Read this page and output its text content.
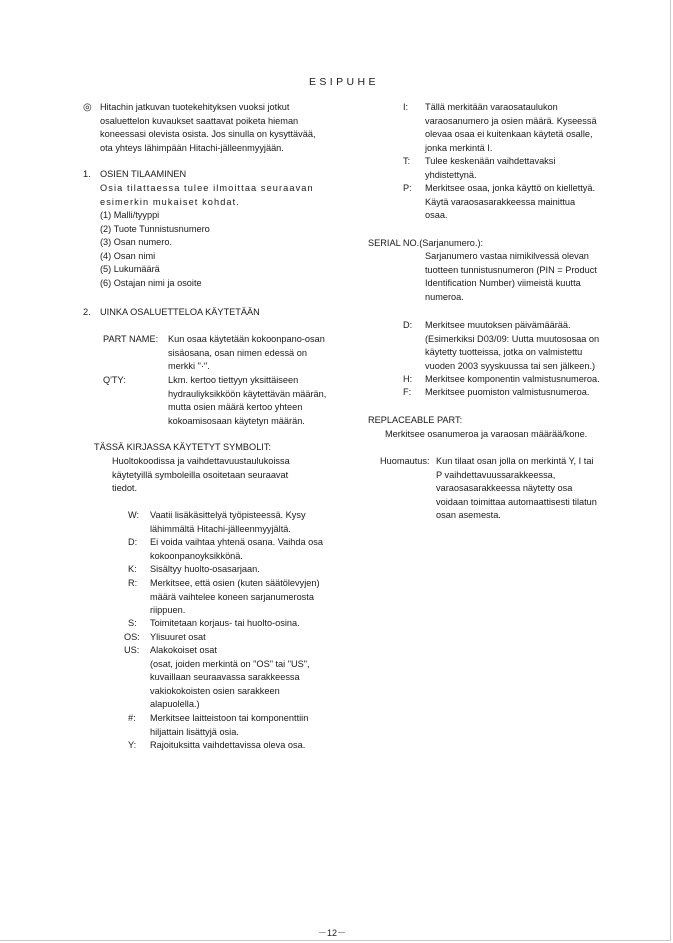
ESIPUHE
◎ Hitachin jatkuvan tuotekehityksen vuoksi jotkut
osaluettelon kuvaukset saattavat poiketa hieman
koneessasi olevista osista. Jos sinulla on kysyttävää,
ota yhteys lähimpään Hitachi-jälleenmyyjään.
1. OSIEN TILAAMINEN
Osia tilattaessa tulee ilmoittaa seuraavan
esimerkin mukaiset kohdat.
(1) Malli/tyyppi
(2) Tuote Tunnistusnumero
(3) Osan numero.
(4) Osan nimi
(5) Lukumäärä
(6) Ostajan nimi ja osoite
2. UINKA OSALUETTELOA KÄYTETÄÄN
PART NAME: Kun osaa käytetään kokoonpano-osan
sisäosana, osan nimen edessä on
merkki "·".
Q'TY:	Lkm. kertoo tiettyyn yksittäiseen
hydrauliyksikköön käytettävän määrän,
mutta osien määrä kertoo yhteen
kokoamisosaan käytetyn määrän.
TÄSSÄ KIRJASSA KÄYTETYT SYMBOLIT:
Huoltokoodissa ja vaihdettavuustaulukoissa
käytetyillä symboleilla osoitetaan seuraavat
tiedot.
W: Vaatii lisäkäsittelyä työpisteessä. Kysy
lähimmältä Hitachi-jälleenmyyjältä.
D: Ei voida vaihtaa yhtenä osana. Vaihda osa
kokoonpanoyksikkönä.
K: Sisältyy huolto-osasarjaan.
R: Merkitsee, että osien (kuten säätölevyjen)
määrä vaihtelee koneen sarjanumerosta
riippuen.
S: Toimitetaan korjaus- tai huolto-osina.
OS: Ylisuuret osat
US: Alakokoiset osat
(osat, joiden merkintä on "OS" tai "US",
kuvaillaan seuraavassa sarakkeessa
vakiokokoisten osien sarakkeen
alapuolella.)
#: Merkitsee laitteistoon tai komponenttiin
hiljattain lisättyjä osia.
Y: Rajoituksitta vaihdettavissa oleva osa.
I: Tällä merkitään varaosataulukon
varaosanumero ja osien määrä. Kyseessä
olevaa osaa ei kuitenkaan käytetä osalle,
jonka merkintä I.
T: Tulee keskenään vaihdettavaksi
yhdistettynä.
P: Merkitsee osaa, jonka käyttö on kiellettyä.
Käytä varaosasarakkeessa mainittua
osaa.
SERIAL NO.(Sarjanumero.):
Sarjanumero vastaa nimikilvessä olevan
tuotteen tunnistusnumeron (PIN = Product
Identification Number) viimeistä kuutta
numeroa.
D: Merkitsee muutoksen päivämäärää.
(Esimerkiksi D03/09: Uutta muutososaa on
käytetty tuotteissa, jotka on valmistettu
vuoden 2003 syyskuussa tai sen jälkeen.)
H: Merkitsee komponentin valmistusnumeroa.
F: Merkitsee puomiston valmistusnumeroa.
REPLACEABLE PART:
Merkitsee osanumeroa ja varaosan määrää/kone.
Huomautus: Kun tilaat osan jolla on merkintä Y, I tai
P vaihdettavuussarakkeessa,
varaosasarakkeessa näytetty osa
voidaan toimittaa automaattisesti tilatun
osan asemesta.
－12－
